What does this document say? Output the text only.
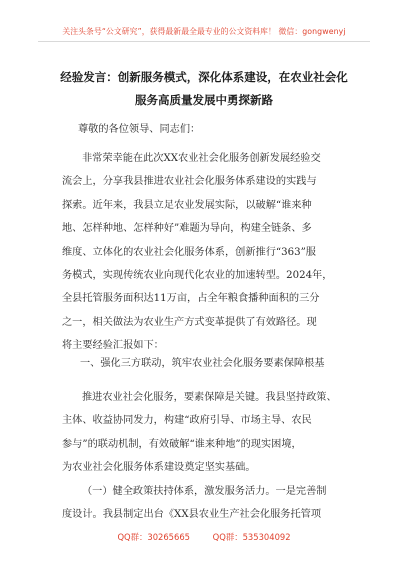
关注头条号“公文研究”，获得最新最全最专业的公文资料库！ 微信：gongwenyj
经验发言：创新服务模式，深化体系建设，在农业社会化
服务高质量发展中勇探新路
尊敬的各位领导、同志们：
非常荣幸能在此次XX农业社会化服务创新发展经验交
流会上，分享我县推进农业社会化服务体系建设的实践与
探索。近年来，我县立足农业发展实际，以破解“谁来种
地、怎样种地、怎样种好”难题为导向，构建全链条、多
维度、立体化的农业社会化服务体系，创新推行“363”服
务模式，实现传统农业向现代化农业的加速转型。2024年，
全县托管服务面积达11万亩，占全年粮食播种面积的三分
之一，相关做法为农业生产方式变革提供了有效路径。现
将主要经验汇报如下：
一、强化三方联动，筑牢农业社会化服务要素保障根基
推进农业社会化服务，要素保障是关键。我县坚持政策、
主体、收益协同发力，构建“政府引导、市场主导、农民
参与”的联动机制，有效破解“谁来种地”的现实困境，
为农业社会化服务体系建设奠定坚实基础。
（一）健全政策扶持体系，激发服务活力。一是完善制
度设计。我县制定出台《XX县农业生产社会化服务托管项
QQ群：30265665	QQ群：535304092
